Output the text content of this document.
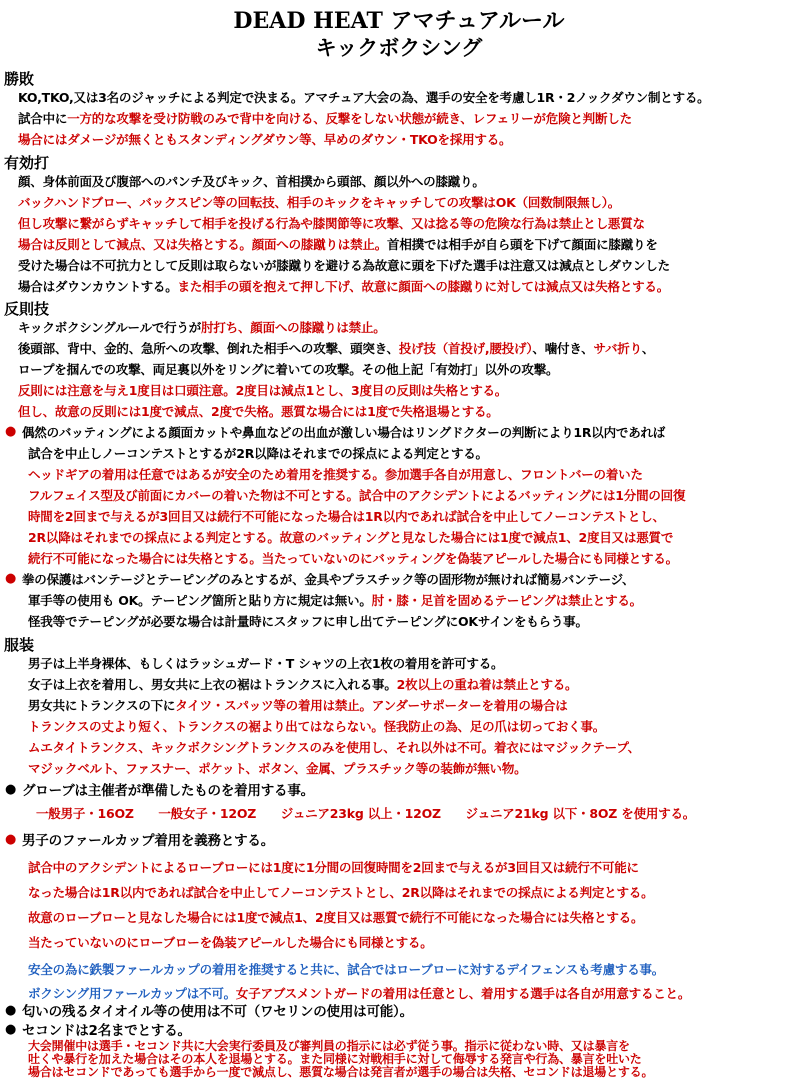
DEAD HEAT アマチュアルール
キックボクシング
勝敗
KO,TKO,又は3名のジャッチによる判定で決まる。アマチュア大会の為、選手の安全を考慮し1R・2ノックダウン制とする。
試合中に一方的な攻撃を受け防戦のみで背中を向ける、反撃をしない状態が続き、レフェリーが危険と判断した
場合にはダメージが無くともスタンディングダウン等、早めのダウン・TKOを採用する。
有効打
顔、身体前面及び腹部へのパンチ及びキック、首相撲から頭部、顔以外への膝蹴り。
バックハンドブロー、バックスピン等の回転技、相手のキックをキャッチしての攻撃はOK（回数制限無し）。
但し攻撃に繋がらずキャッチして相手を投げる行為や膝関節等に攻撃、又は捻る等の危険な行為は禁止とし悪質な
場合は反則として減点、又は失格とする。顔面への膝蹴りは禁止。首相撲では相手が自ら頭を下げて顔面に膝蹴りを
受けた場合は不可抗力として反則は取らないが膝蹴りを避ける為故意に頭を下げた選手は注意又は減点としダウンした
場合はダウンカウントする。また相手の頭を抱えて押し下げ、故意に顔面への膝蹴りに対しては減点又は失格とする。
反則技
キックボクシングルールで行うが肘打ち、顔面への膝蹴りは禁止。
後頭部、背中、金的、急所への攻撃、倒れた相手への攻撃、頭突き、投げ技（首投げ,腰投げ）、噛付き、サバ折り、
ロープを掴んでの攻撃、両足裏以外をリングに着いての攻撃。その他上記「有効打」以外の攻撃。
反則には注意を与え1度目は口頭注意。2度目は減点1とし、3度目の反則は失格とする。
但し、故意の反則には1度で減点、2度で失格。悪質な場合には1度で失格退場とする。
● 偶然のバッティングによる顔面カットや鼻血などの出血が激しい場合はリングドクターの判断により1R以内であれば
試合を中止しノーコンテストとするが2R以降はそれまでの採点による判定とする。
ヘッドギアの着用は任意ではあるが安全のため着用を推奨する。参加選手各自が用意し、フロントバーの着いた
フルフェイス型及び前面にカバーの着いた物は不可とする。試合中のアクシデントによるバッティングには1分間の回復
時間を2回まで与えるが3回目又は続行不可能になった場合は1R以内であれば試合を中止してノーコンテストとし、
2R以降はそれまでの採点による判定とする。故意のバッティングと見なした場合には1度で減点1、2度目又は悪質で
続行不可能になった場合には失格とする。当たっていないのにバッティングを偽装アピールした場合にも同様とする。
● 拳の保護はバンテージとテーピングのみとするが、金具やプラスチック等の固形物が無ければ簡易バンテージ、
軍手等の使用も OK。テーピング箇所と貼り方に規定は無い。肘・膝・足首を固めるテーピングは禁止とする。
怪我等でテーピングが必要な場合は計量時にスタッフに申し出てテーピングにOKサインをもらう事。
服装
男子は上半身裸体、もしくはラッシュガード・T シャツの上衣1枚の着用を許可する。
女子は上衣を着用し、男女共に上衣の裾はトランクスに入れる事。2枚以上の重ね着は禁止とする。
男女共にトランクスの下にタイツ・スパッツ等の着用は禁止。アンダーサポーターを着用の場合は
トランクスの丈より短く、トランクスの裾より出てはならない。怪我防止の為、足の爪は切っておく事。
ムエタイトランクス、キックボクシングトランクスのみを使用し、それ以外は不可。着衣にはマジックテープ、
マジックベルト、ファスナー、ポケット、ボタン、金属、プラスチック等の装飾が無い物。
● グローブは主催者が準備したものを着用する事。
一般男子・16OZ　　一般女子・12OZ　　ジュニア23kg 以上・12OZ　　ジュニア21kg 以下・8OZ を使用する。
● 男子のファールカップ着用を義務とする。
試合中のアクシデントによるローブローには1度に1分間の回復時間を2回まで与えるが3回目又は続行不可能に
なった場合は1R以内であれば試合を中止してノーコンテストとし、2R以降はそれまでの採点による判定とする。
故意のローブローと見なした場合には1度で減点1、2度目又は悪質で続行不可能になった場合には失格とする。
当たっていないのにローブローを偽装アピールした場合にも同様とする。
安全の為に鉄製ファールカップの着用を推奨すると共に、試合ではローブローに対するデイフェンスも考慮する事。
ボクシング用ファールカップは不可。女子アブスメントガードの着用は任意とし、着用する選手は各自が用意すること。
● 匂いの残るタイオイル等の使用は不可（ワセリンの使用は可能）。
● セコンドは2名までとする。
大会開催中は選手・セコンド共に大会実行委員及び審判員の指示には必ず従う事。指示に従わない時、又は暴言を
吐くや暴行を加えた場合はその本人を退場とする。また同様に対戦相手に対して侮辱する発言や行為、暴言を吐いた
場合はセコンドであっても選手から一度で減点し、悪質な場合は発言者が選手の場合は失格、セコンドは退場とする。
